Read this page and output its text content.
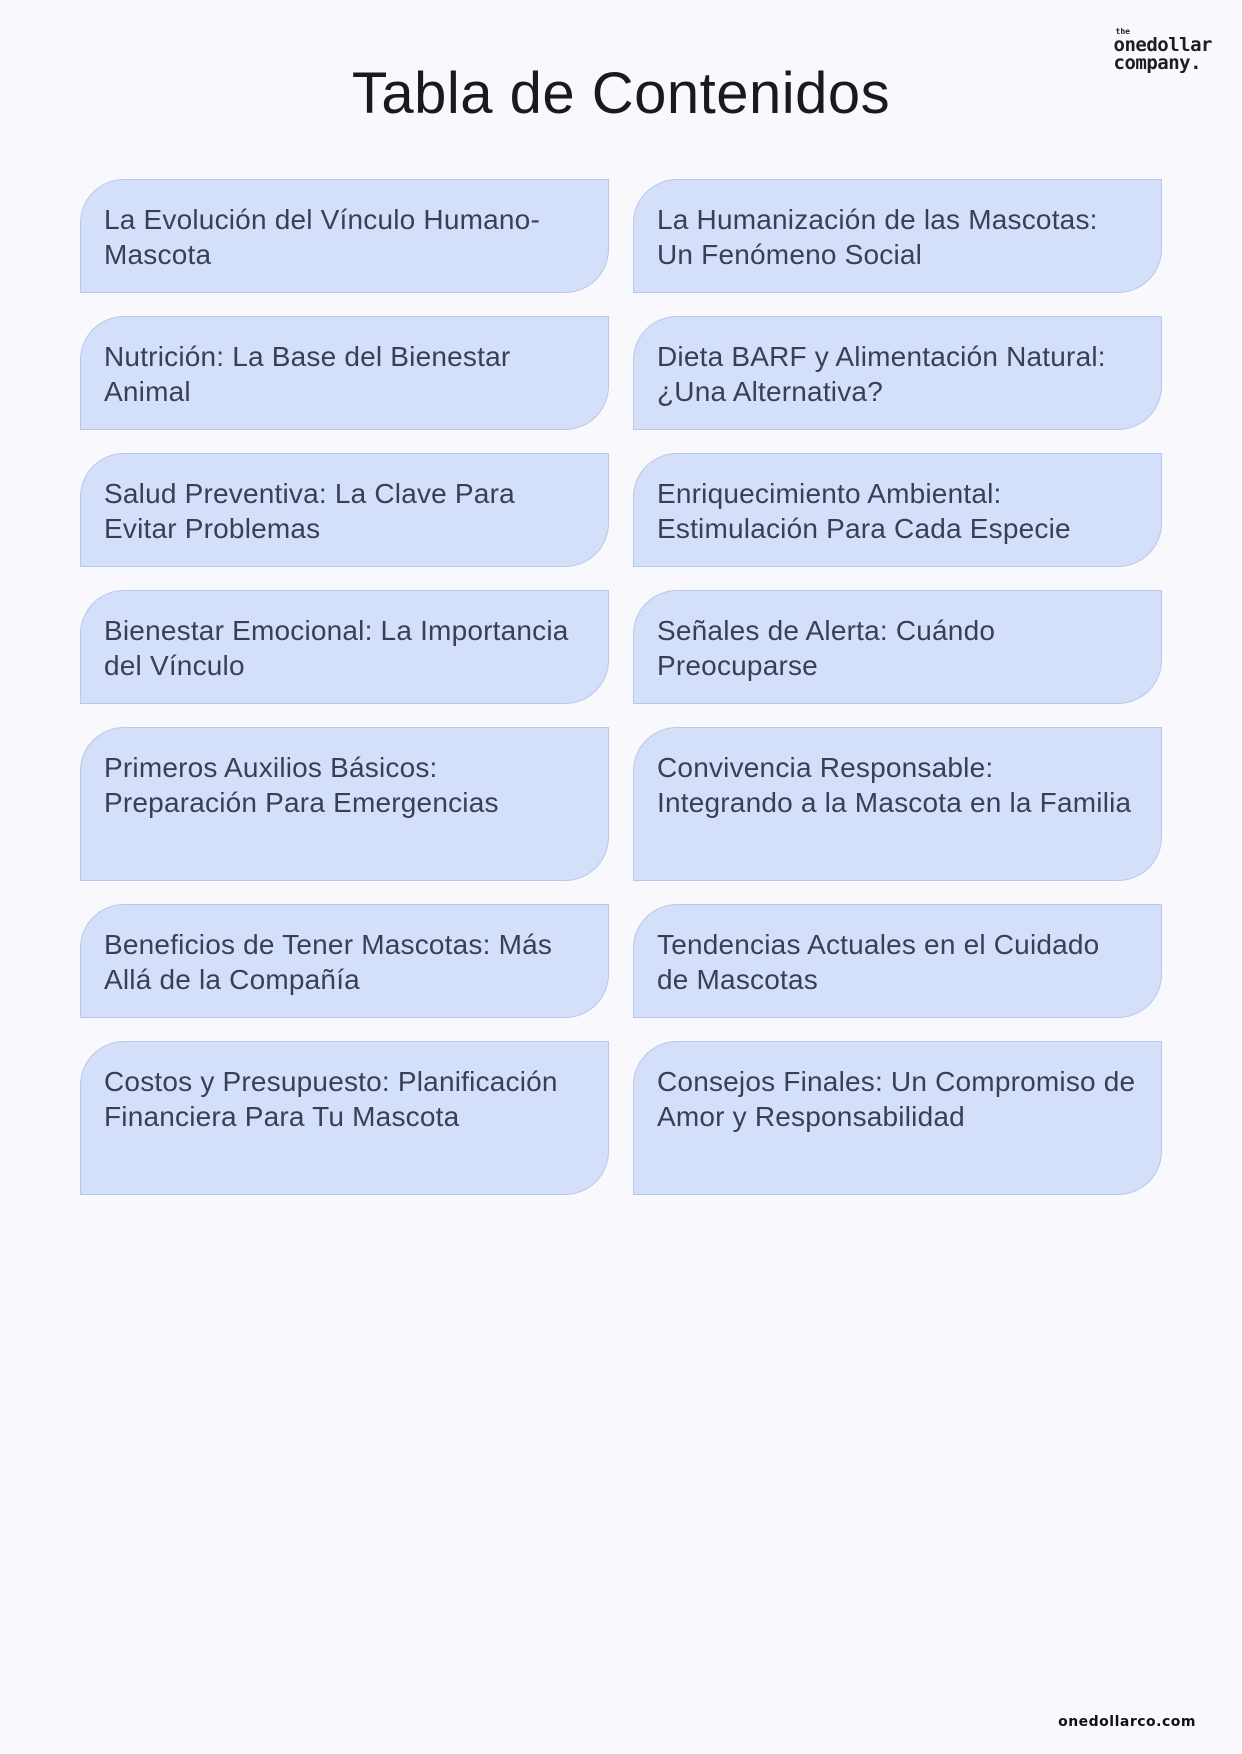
the
onedollar
company.
Tabla de Contenidos
La Evolución del Vínculo Humano-Mascota
La Humanización de las Mascotas: Un Fenómeno Social
Nutrición: La Base del Bienestar Animal
Dieta BARF y Alimentación Natural: ¿Una Alternativa?
Salud Preventiva: La Clave Para Evitar Problemas
Enriquecimiento Ambiental: Estimulación Para Cada Especie
Bienestar Emocional: La Importancia del Vínculo
Señales de Alerta: Cuándo Preocuparse
Primeros Auxilios Básicos: Preparación Para Emergencias
Convivencia Responsable: Integrando a la Mascota en la Familia
Beneficios de Tener Mascotas: Más Allá de la Compañía
Tendencias Actuales en el Cuidado de Mascotas
Costos y Presupuesto: Planificación Financiera Para Tu Mascota
Consejos Finales: Un Compromiso de Amor y Responsabilidad
onedollarco.com
